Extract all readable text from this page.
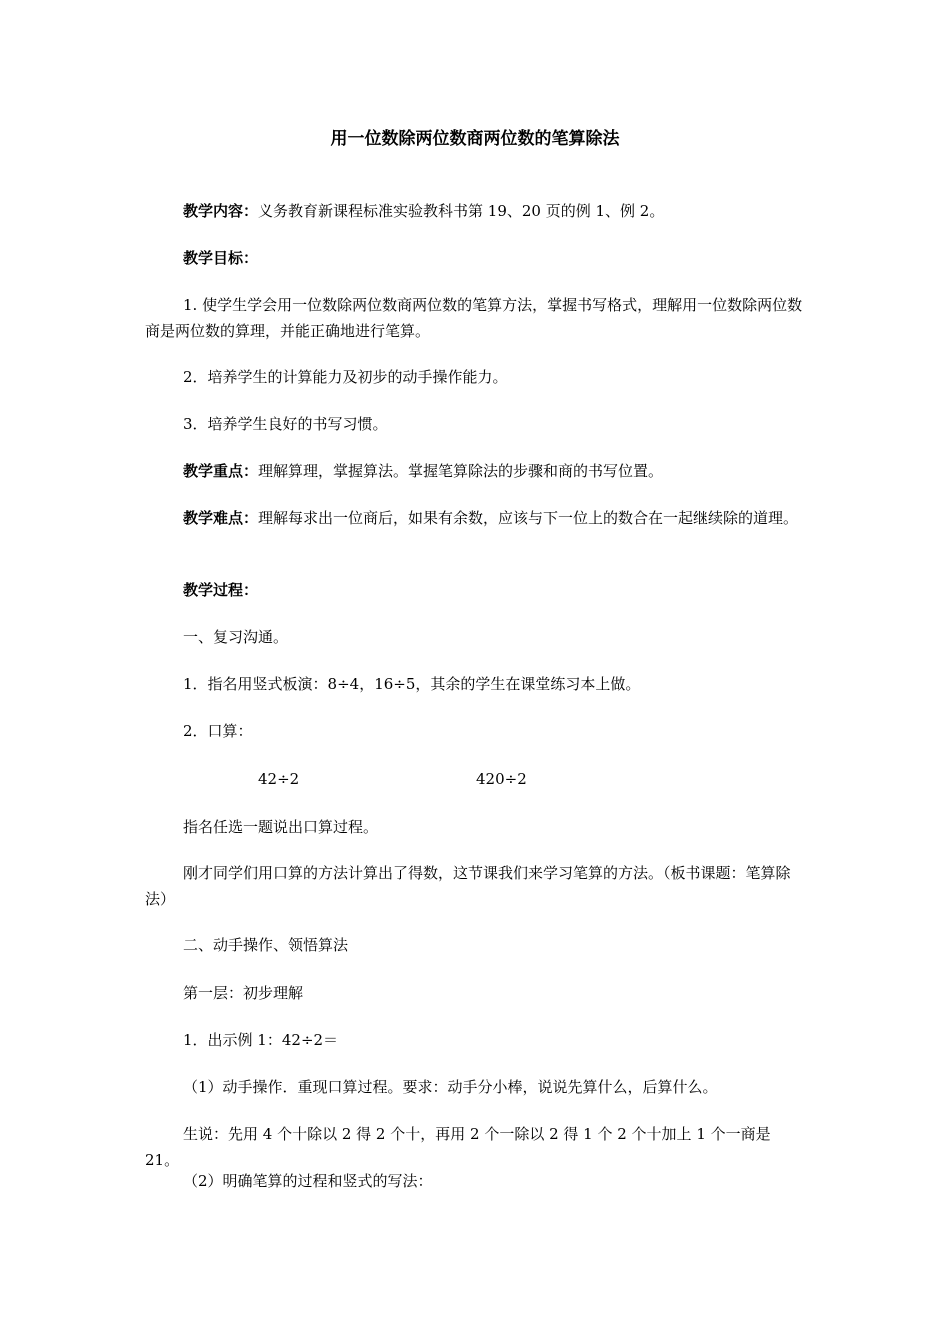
用一位数除两位数商两位数的笔算除法
教学内容：义务教育新课程标准实验教科书第 19、20 页的例 1、例 2。
教学目标：
1. 使学生学会用一位数除两位数商两位数的笔算方法，掌握书写格式，理解用一位数除两位数商是两位数的算理，并能正确地进行笔算。
2．培养学生的计算能力及初步的动手操作能力。
3．培养学生良好的书写习惯。
教学重点：理解算理，掌握算法。掌握笔算除法的步骤和商的书写位置。
教学难点：理解每求出一位商后，如果有余数，应该与下一位上的数合在一起继续除的道理。
教学过程：
一、复习沟通。
1．指名用竖式板演：8÷4，16÷5，其余的学生在课堂练习本上做。
2．口算：
42÷2	420÷2
指名任选一题说出口算过程。
刚才同学们用口算的方法计算出了得数，这节课我们来学习笔算的方法。（板书课题：笔算除法）
二、动手操作、领悟算法
第一层：初步理解
1．出示例 1：42÷2＝
（1）动手操作．重现口算过程。要求：动手分小棒，说说先算什么，后算什么。
生说：先用 4 个十除以 2 得 2 个十，再用 2 个一除以 2 得 1 个 2 个十加上 1 个一商是 21。
（2）明确笔算的过程和竖式的写法：
